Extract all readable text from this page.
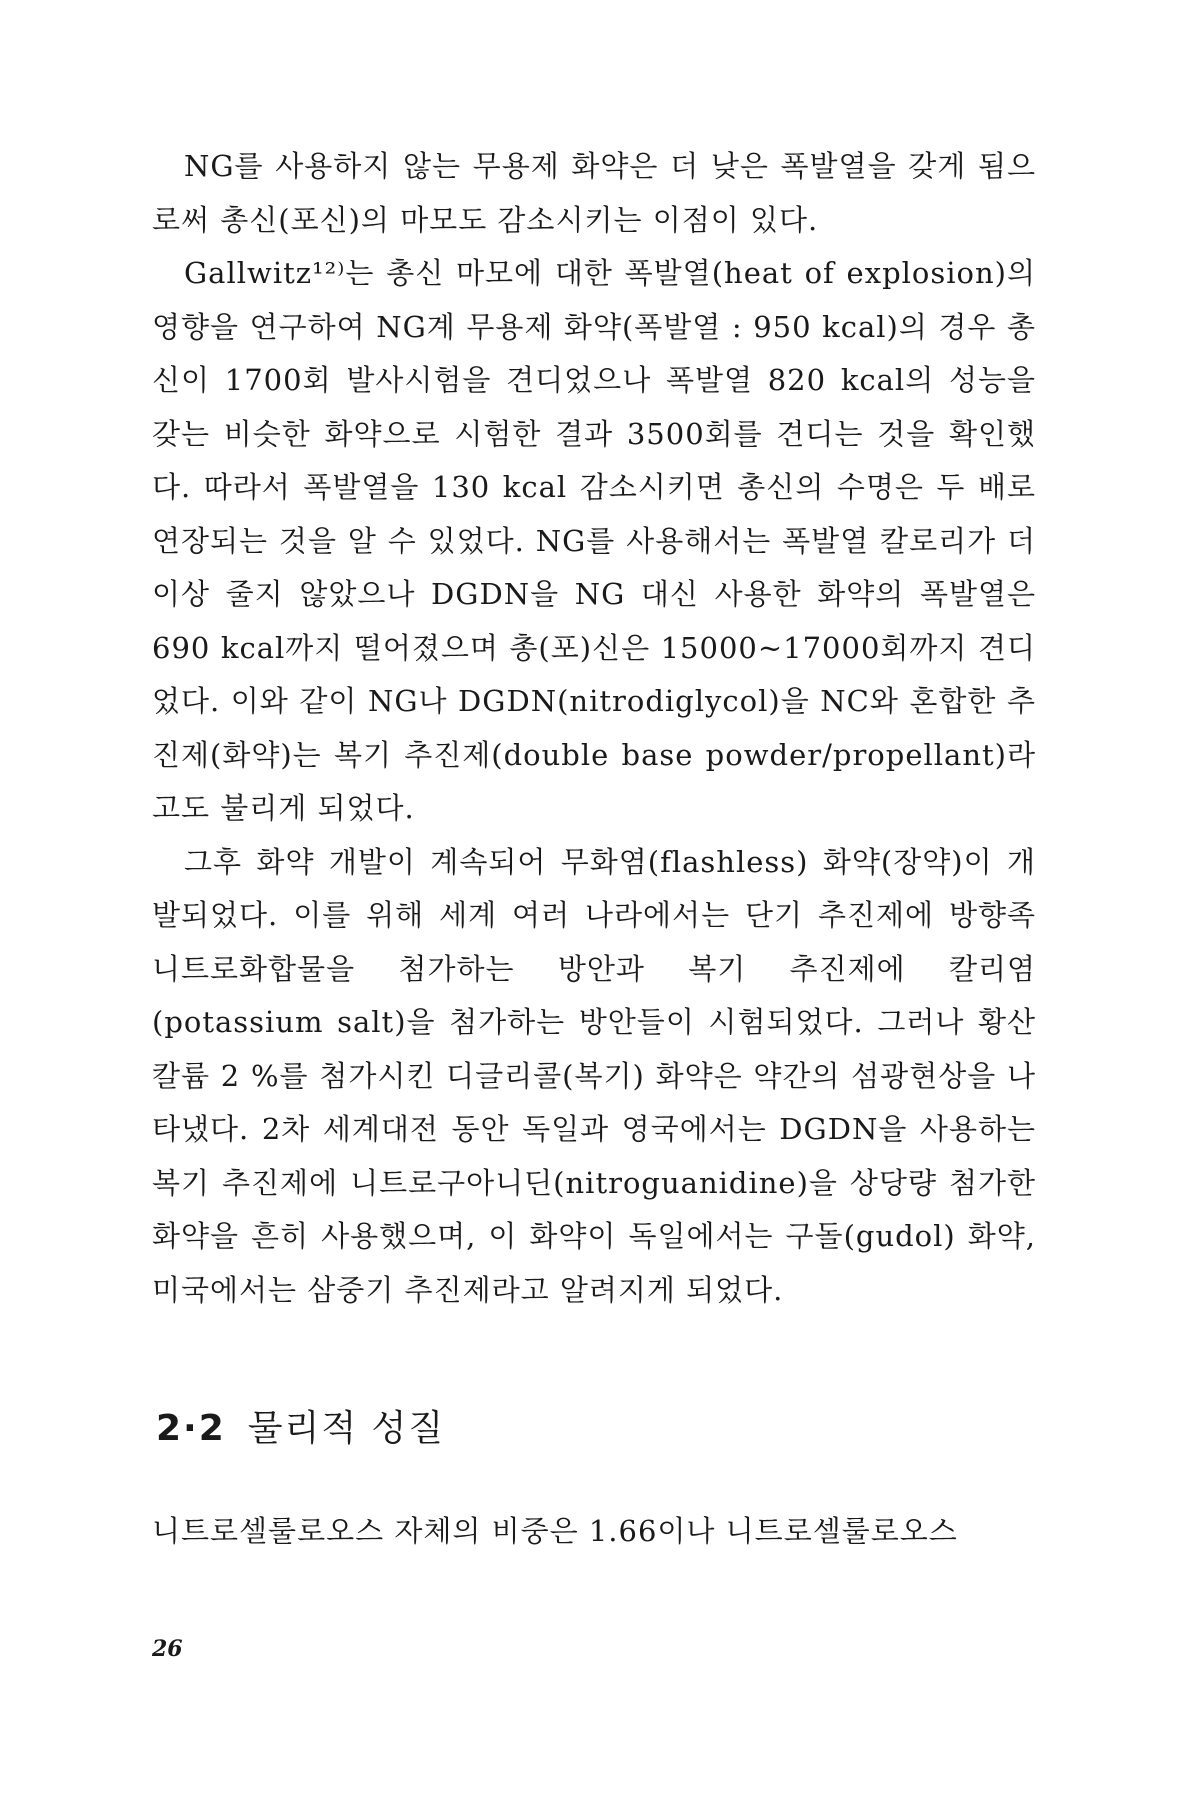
NG를 사용하지 않는 무용제 화약은 더 낮은 폭발열을 갖게 됨으로써 총신(포신)의 마모도 감소시키는 이점이 있다.

Gallwitz¹²⁾는 총신 마모에 대한 폭발열(heat of explosion)의 영향을 연구하여 NG계 무용제 화약(폭발열 : 950 kcal)의 경우 총신이 1700회 발사시험을 견디었으나 폭발열 820 kcal의 성능을 갖는 비슷한 화약으로 시험한 결과 3500회를 견디는 것을 확인했다. 따라서 폭발열을 130 kcal 감소시키면 총신의 수명은 두 배로 연장되는 것을 알 수 있었다. NG를 사용해서는 폭발열 칼로리가 더 이상 줄지 않았으나 DGDN을 NG 대신 사용한 화약의 폭발열은 690 kcal까지 떨어졌으며 총(포)신은 15000~17000회까지 견디었다. 이와 같이 NG나 DGDN(nitrodiglycol)을 NC와 혼합한 추진제(화약)는 복기 추진제(double base powder/propellant)라고도 불리게 되었다.

그후 화약 개발이 계속되어 무화염(flashless) 화약(장약)이 개발되었다. 이를 위해 세계 여러 나라에서는 단기 추진제에 방향족 니트로화합물을 첨가하는 방안과 복기 추진제에 칼리염(potassium salt)을 첨가하는 방안들이 시험되었다. 그러나 황산칼륨 2 %를 첨가시킨 디글리콜(복기) 화약은 약간의 섬광현상을 나타냈다. 2차 세계대전 동안 독일과 영국에서는 DGDN을 사용하는 복기 추진제에 니트로구아니딘(nitroguanidine)을 상당량 첨가한 화약을 흔히 사용했으며, 이 화약이 독일에서는 구돌(gudol) 화약, 미국에서는 삼중기 추진제라고 알려지게 되었다.

2·2 물리적 성질

니트로셀룰로오스 자체의 비중은 1.66이나 니트로셀룰로오스

26
